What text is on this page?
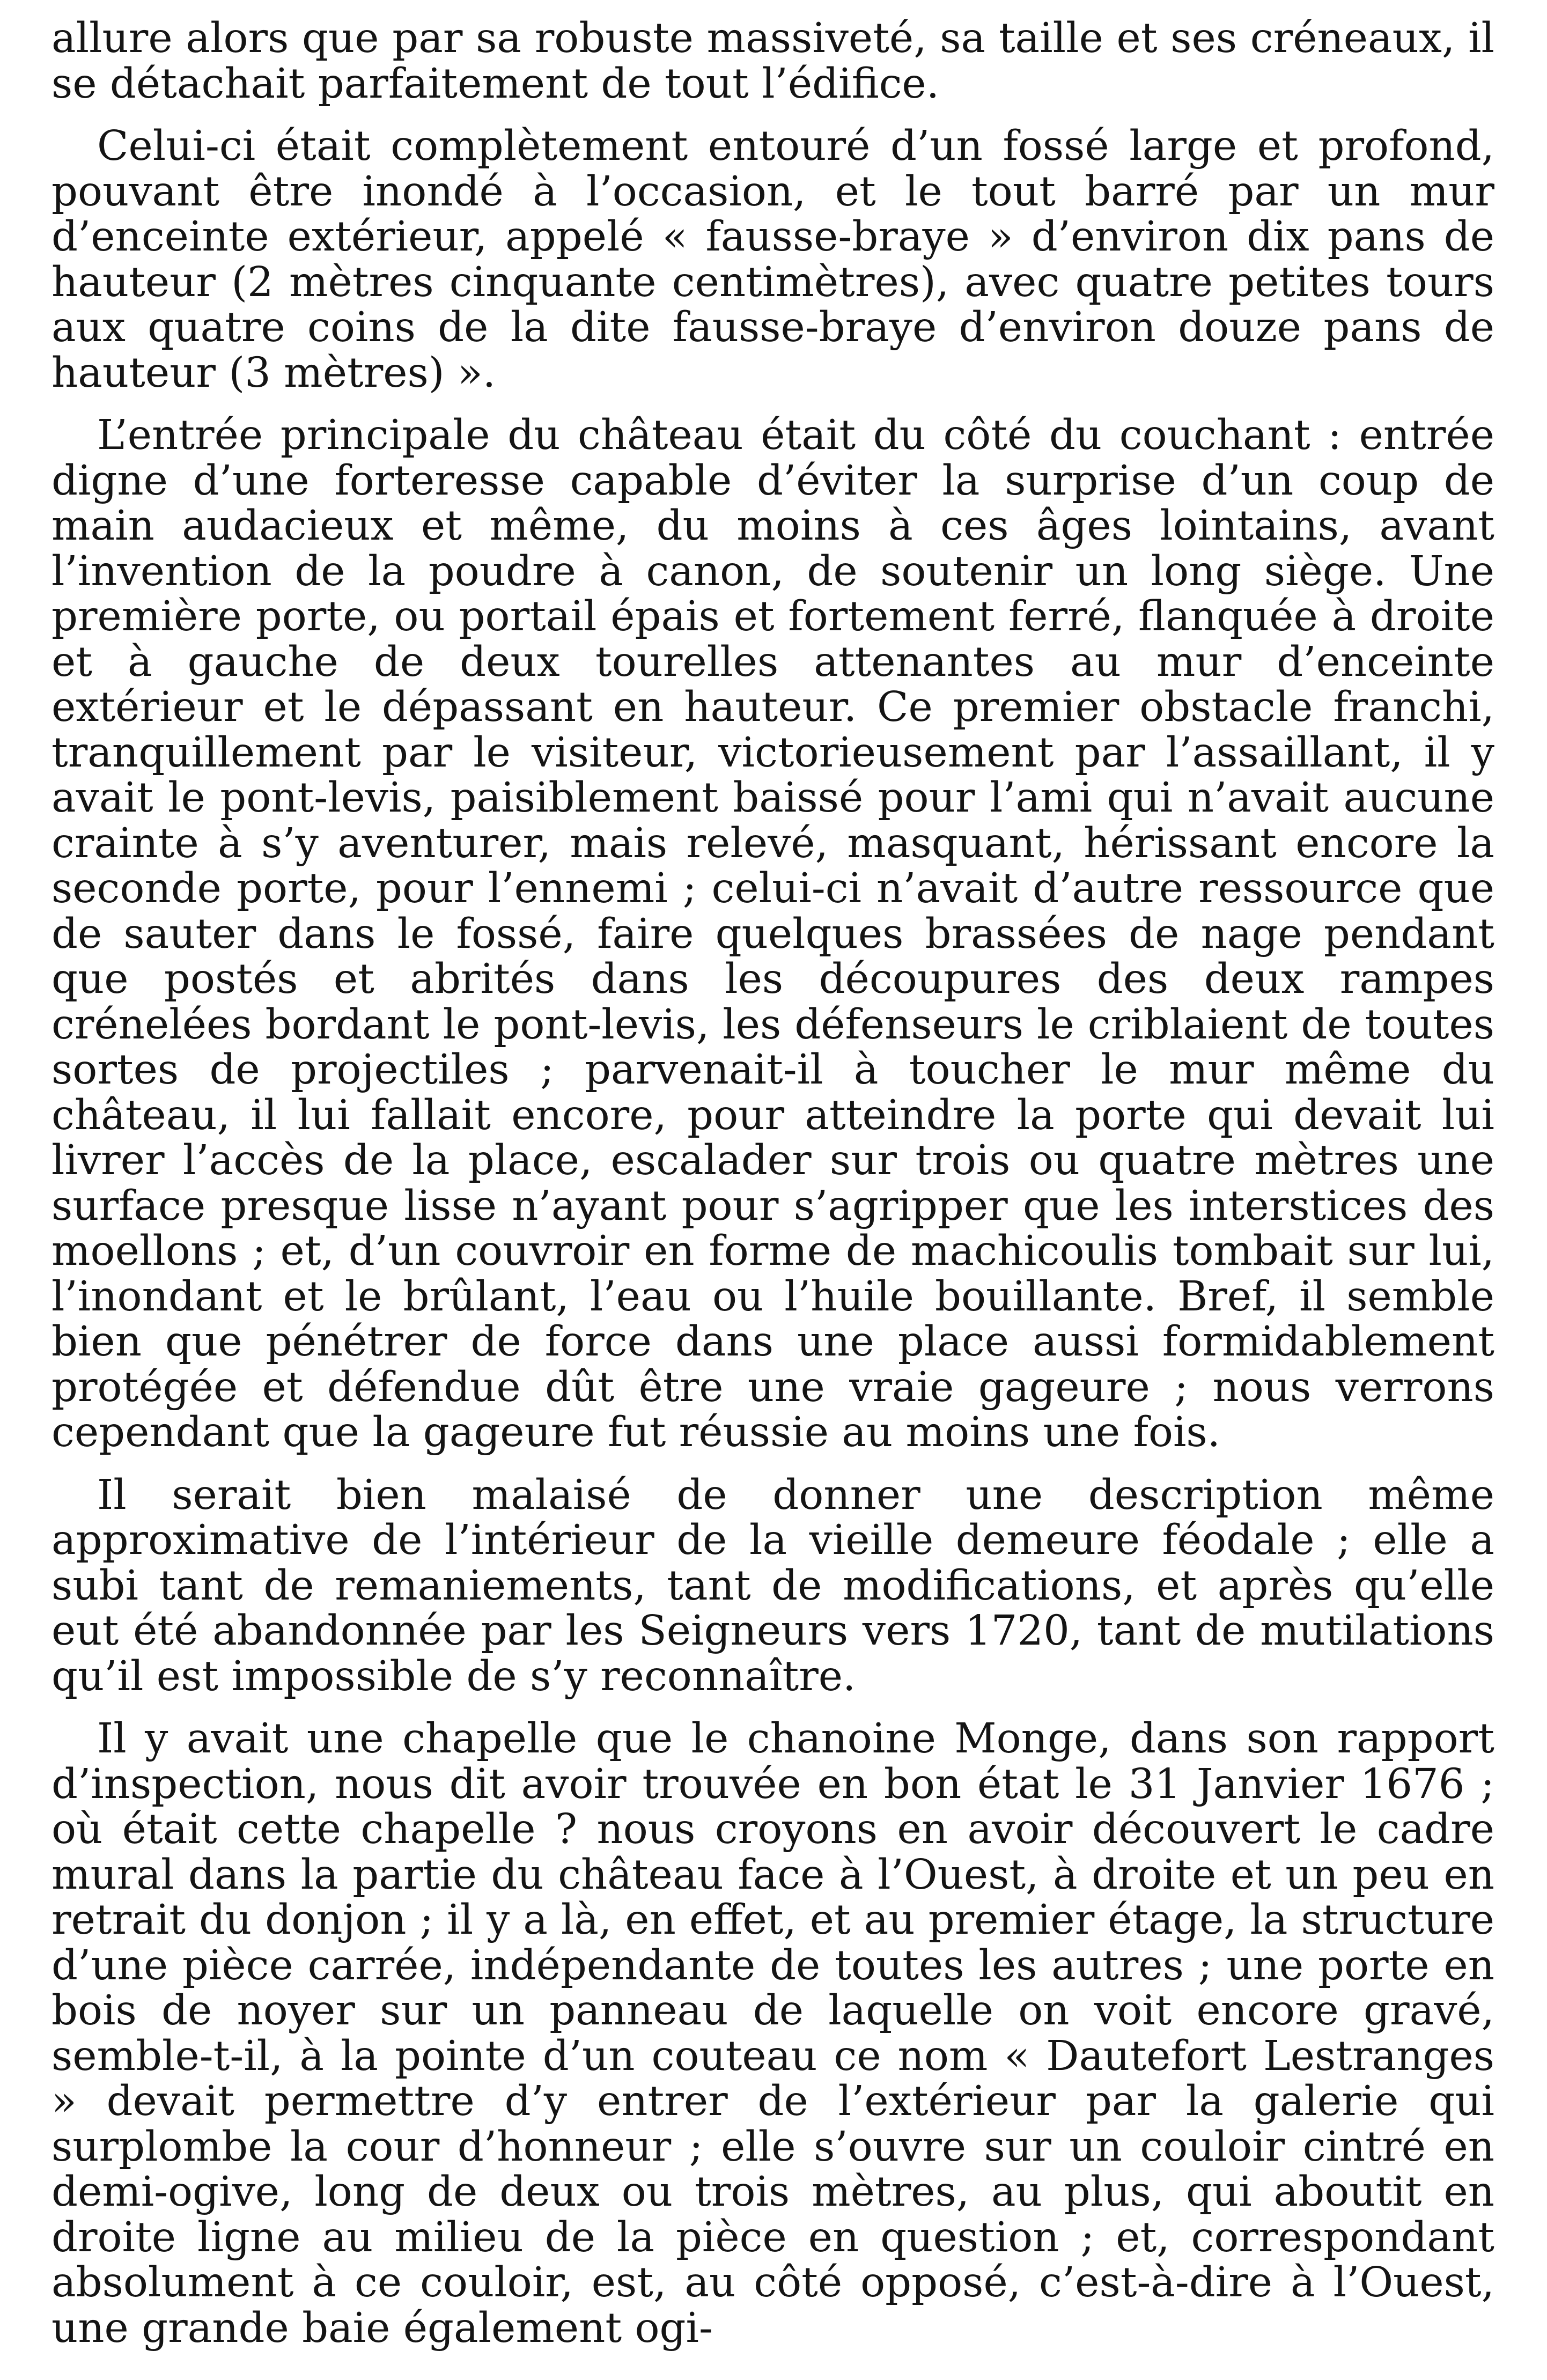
allure alors que par sa robuste massiveté, sa taille et ses créneaux, il se détachait parfaitement de tout l’édifice.

Celui-ci était complètement entouré d’un fossé large et profond, pouvant être inondé à l’occasion, et le tout barré par un mur d’enceinte extérieur, appelé « fausse-braye » d’environ dix pans de hauteur (2 mètres cinquante centimètres), avec quatre petites tours aux quatre coins de la dite fausse-braye d’environ douze pans de hauteur (3 mètres) ».

L’entrée principale du château était du côté du couchant : entrée digne d’une forteresse capable d’éviter la surprise d’un coup de main audacieux et même, du moins à ces âges lointains, avant l’invention de la poudre à canon, de soutenir un long siège. Une première porte, ou portail épais et fortement ferré, flanquée à droite et à gauche de deux tourelles attenantes au mur d’enceinte extérieur et le dépassant en hauteur. Ce premier obstacle franchi, tranquillement par le visiteur, victorieusement par l’assaillant, il y avait le pont-levis, paisiblement baissé pour l’ami qui n’avait aucune crainte à s’y aventurer, mais relevé, masquant, hérissant encore la seconde porte, pour l’ennemi ; celui-ci n’avait d’autre ressource que de sauter dans le fossé, faire quelques brassées de nage pendant que postés et abrités dans les découpures des deux rampes crénelées bordant le pont-levis, les défenseurs le criblaient de toutes sortes de projectiles ; parvenait-il à toucher le mur même du château, il lui fallait encore, pour atteindre la porte qui devait lui livrer l’accès de la place, escalader sur trois ou quatre mètres une surface presque lisse n’ayant pour s’agripper que les interstices des moellons ; et, d’un couvroir en forme de machicoulis tombait sur lui, l’inondant et le brûlant, l’eau ou l’huile bouillante. Bref, il semble bien que pénétrer de force dans une place aussi formidablement protégée et défendue dût être une vraie gageure ; nous verrons cependant que la gageure fut réussie au moins une fois.

Il serait bien malaisé de donner une description même approximative de l’intérieur de la vieille demeure féodale ; elle a subi tant de remaniements, tant de modifications, et après qu’elle eut été abandonnée par les Seigneurs vers 1720, tant de mutilations qu’il est impossible de s’y reconnaître.

Il y avait une chapelle que le chanoine Monge, dans son rapport d’inspection, nous dit avoir trouvée en bon état le 31 Janvier 1676 ; où était cette chapelle ? nous croyons en avoir découvert le cadre mural dans la partie du château face à l’Ouest, à droite et un peu en retrait du donjon ; il y a là, en effet, et au premier étage, la structure d’une pièce carrée, indépendante de toutes les autres ; une porte en bois de noyer sur un panneau de laquelle on voit encore gravé, semble-t-il, à la pointe d’un couteau ce nom « Dautefort Lestranges » devait permettre d’y entrer de l’extérieur par la galerie qui surplombe la cour d’honneur ; elle s’ouvre sur un couloir cintré en demi-ogive, long de deux ou trois mètres, au plus, qui aboutit en droite ligne au milieu de la pièce en question ; et, correspondant absolument à ce couloir, est, au côté opposé, c’est-à-dire à l’Ouest, une grande baie également ogi-
